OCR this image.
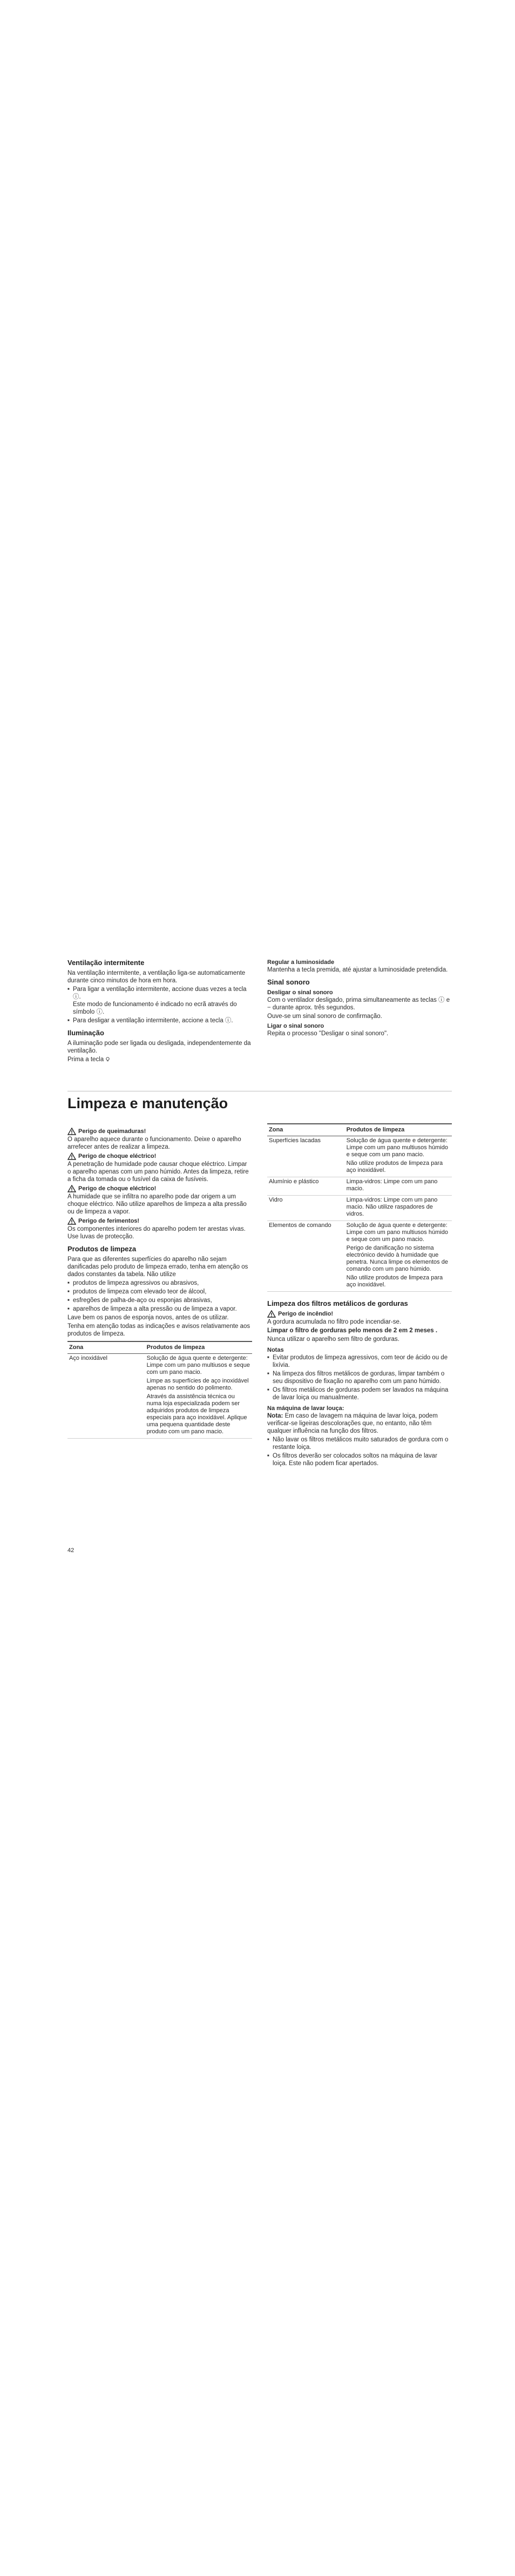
Ventilação intermitente

Na ventilação intermitente, a ventilação liga-se automaticamente durante cinco minutos de hora em hora.

■ Para ligar a ventilação intermitente, accione duas vezes a tecla ⓘ.
Este modo de funcionamento é indicado no ecrã através do símbolo ⓘ.
■ Para desligar a ventilação intermitente, accione a tecla ⓘ.
Iluminação

A iluminação pode ser ligada ou desligada, independentemente da ventilação.

Prima a tecla

Regular a luminosidade

Mantenha a tecla premida, até ajustar a luminosidade pretendida.

Sinal sonoro
Desligar o sinal sonoro

Com o ventilador desligado, prima simultaneamente as teclas ⓘ e − durante aprox. três segundos.

Ouve-se um sinal sonoro de confirmação.

Ligar o sinal sonoro

Repita o processo "Desligar o sinal sonoro".

Limpeza e manutenção
Perigo de queimaduras!

O aparelho aquece durante o funcionamento. Deixe o aparelho arrefecer antes de realizar a limpeza.

Perigo de choque eléctrico!

A penetração de humidade pode causar choque eléctrico. Limpar o aparelho apenas com um pano húmido. Antes da limpeza, retire a ficha da tomada ou o fusível da caixa de fusíveis.

Perigo de choque eléctrico!

A humidade que se infiltra no aparelho pode dar origem a um choque eléctrico. Não utilize aparelhos de limpeza a alta pressão ou de limpeza a vapor.

Perigo de ferimentos!

Os componentes interiores do aparelho podem ter arestas vivas. Use luvas de protecção.

Produtos de limpeza

Para que as diferentes superfícies do aparelho não sejam danificadas pelo produto de limpeza errado, tenha em atenção os dados constantes da tabela. Não utilize

■ produtos de limpeza agressivos ou abrasivos,
■ produtos de limpeza com elevado teor de álcool,
■ esfregões de palha-de-aço ou esponjas abrasivas,
■ aparelhos de limpeza a alta pressão ou de limpeza a vapor.

Lave bem os panos de esponja novos, antes de os utilizar.

Tenha em atenção todas as indicações e avisos relativamente aos produtos de limpeza.

Zona	Produtos de limpeza
Aço inoxidável	Solução de água quente e detergente: Limpe com um pano multiusos e seque com um pano macio.
Limpe as superfícies de aço inoxidável apenas no sentido do polimento.
Através da assistência técnica ou numa loja especializada podem ser adquiridos produtos de limpeza especiais para aço inoxidável. Aplique uma pequena quantidade deste produto com um pano macio.
Zona	Produtos de limpeza
Superfícies lacadas	Solução de água quente e detergente: Limpe com um pano multiusos húmido e seque com um pano macio.
Não utilize produtos de limpeza para aço inoxidável.

Alumínio e plástico	Limpa-vidros: Limpe com um pano macio.

Vidro	Limpa-vidros: Limpe com um pano macio. Não utilize raspadores de vidros.

Elementos de comando	Solução de água quente e detergente: Limpe com um pano multiusos húmido e seque com um pano macio.
Perigo de danificação no sistema electrónico devido à humidade que penetra. Nunca limpe os elementos de comando com um pano húmido.
Não utilize produtos de limpeza para aço inoxidável.
Limpeza dos filtros metálicos de gorduras
Perigo de incêndio!

A gordura acumulada no filtro pode incendiar-se.

Limpar o filtro de gorduras pelo menos de 2 em 2 meses .

Nunca utilizar o aparelho sem filtro de gorduras.

Notas
■ Evitar produtos de limpeza agressivos, com teor de ácido ou de lixívia.
■ Na limpeza dos filtros metálicos de gorduras, limpar também o seu dispositivo de fixação no aparelho com um pano húmido.
■ Os filtros metálicos de gorduras podem ser lavados na máquina de lavar loiça ou manualmente.
Na máquina de lavar louça:

Nota: Em caso de lavagem na máquina de lavar loiça, podem verificar-se ligeiras descolorações que, no entanto, não têm qualquer influência na função dos filtros.

■ Não lavar os filtros metálicos muito saturados de gordura com o restante loiça.
■ Os filtros deverão ser colocados soltos na máquina de lavar loiça. Este não podem ficar apertados.
42
